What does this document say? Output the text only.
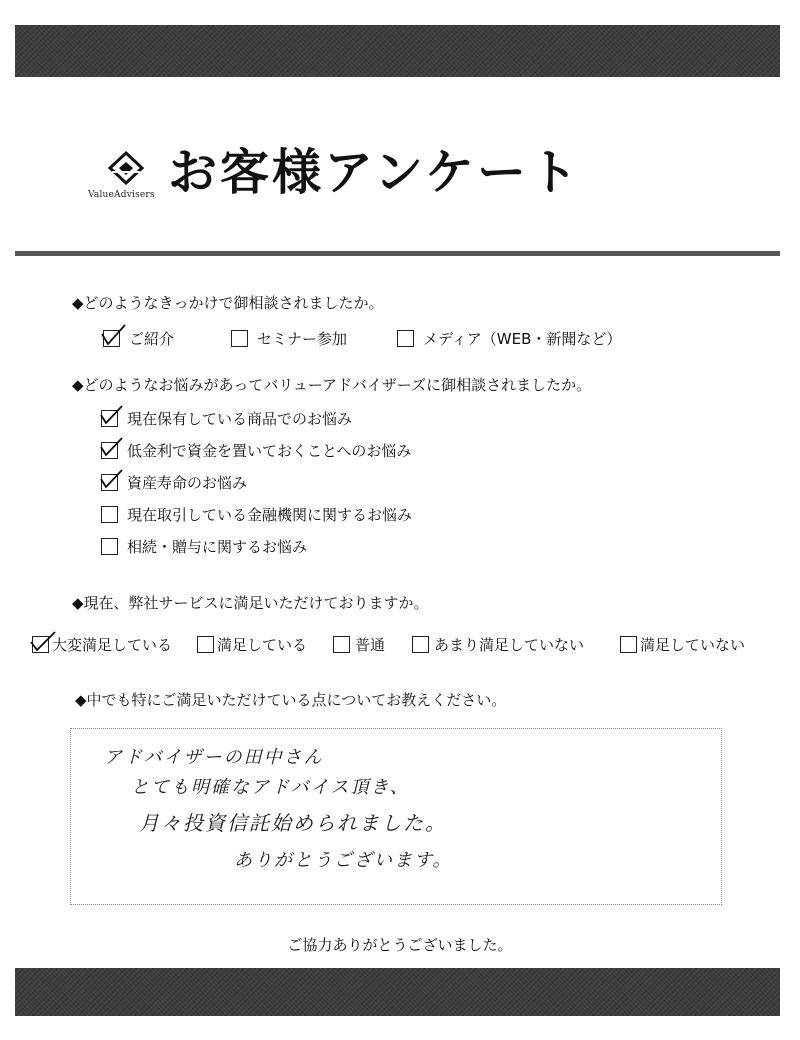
ValueAdvisers お客様アンケート
◆どのようなきっかけで御相談されましたか。
ご紹介	セミナー参加	メディア（WEB・新聞など）
◆どのようなお悩みがあってバリューアドバイザーズに御相談されましたか。
現在保有している商品でのお悩み
低金利で資金を置いておくことへのお悩み
資産寿命のお悩み
現在取引している金融機関に関するお悩み
相続・贈与に関するお悩み
◆現在、弊社サービスに満足いただけておりますか。
大変満足している	満足している	普通	あまり満足していない	満足していない
◆中でも特にご満足いただけている点についてお教えください。
アドバイザーの田中さん
とても明確なアドバイス頂き、
月々投資信託始められました。
ありがとうございます。
ご協力ありがとうございました。
